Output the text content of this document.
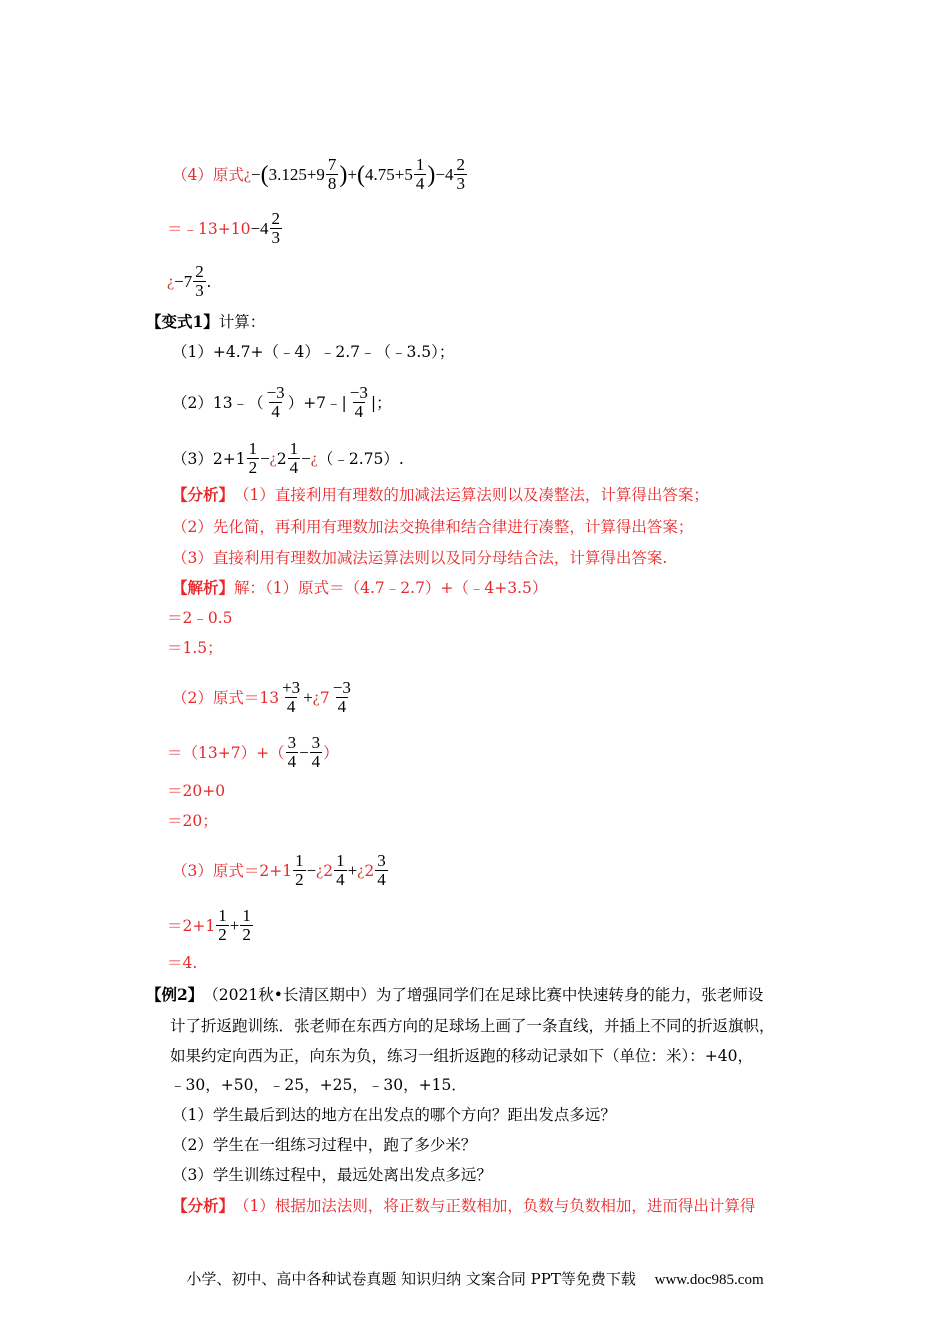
（4）原式 ¿ − ( $3.125+9 \frac{7}{8}$ ) + ( $4.75+5 \frac{1}{4}$ ) $-4 \frac{2}{3}$
＝﹣13+10 $-4 \frac{2}{3}$
¿ $-7 \frac{2}{3}$ .
【变式1】 计算：
（1）+4.7+（﹣4）﹣2.7﹣（﹣3.5）；
（2）13﹣（ $\frac{-3}{4}$ ）+7﹣| $\frac{-3}{4}$ |；
$(3)2+1 \frac{1}{2}$ − ¿ $2 \frac{1}{4}$ − ¿ （﹣2.75）.
【分析】 （1）直接利用有理数的加减法运算法则以及凑整法，计算得出答案；
（2）先化简，再利用有理数加法交换律和结合律进行凑整，计算得出答案；
（3）直接利用有理数加减法运算法则以及同分母结合法，计算得出答案.
【解析】 解：（1）原式＝（4.7﹣2.7）+（﹣4+3.5）
＝2﹣0.5
＝1.5；
（2）原式$=13 \frac{+3}{4}$ + ¿ $7 \frac{-3}{4}$
$=(13+7)+( \frac{3}{4} - \frac{3}{4}$ ）
＝20+0
＝20；
（3）原式$=2+1 \frac{1}{2}$ − ¿ $2 \frac{1}{4}$ + ¿ $2 \frac{3}{4}$
$=2+1 \frac{1}{2} + \frac{1}{2}$
＝4.
【例2】 （2021秋•长清区期中）为了增强同学们在足球比赛中快速转身的能力，张老师设
计了折返跑训练．张老师在东西方向的足球场上画了一条直线，并插上不同的折返旗帜，
如果约定向西为正，向东为负，练习一组折返跑的移动记录如下（单位：米）：+40，
﹣30，+50，﹣25，+25，﹣30，+15．
（1）学生最后到达的地方在出发点的哪个方向？距出发点多远？
（2）学生在一组练习过程中，跑了多少米？
（3）学生训练过程中，最远处离出发点多远？
【分析】 （1）根据加法法则，将正数与正数相加，负数与负数相加，进而得出计算得
小学、初中、高中各种试卷真题 知识归纳 文案合同 PPT等免费下载 www.doc985.com
